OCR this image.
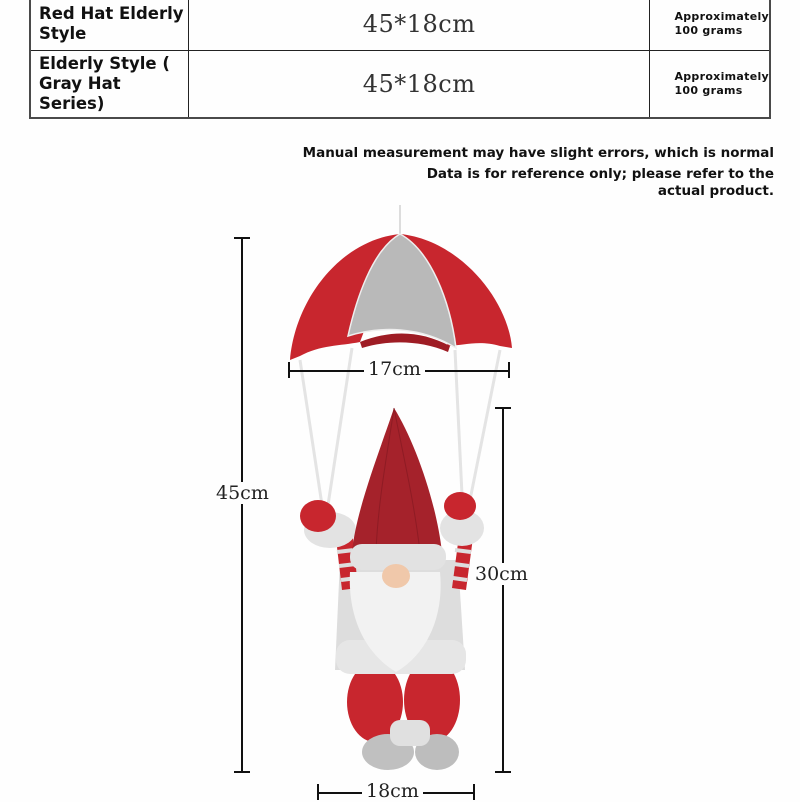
Red Hat Elderly Style	45*18cm	Approximately 100 grams
Elderly Style ( Gray Hat Series)	45*18cm	Approximately 100 grams
Manual measurement may have slight errors, which is normal
Data is for reference only; please refer to the actual product.
45cm
17cm
30cm
18cm
